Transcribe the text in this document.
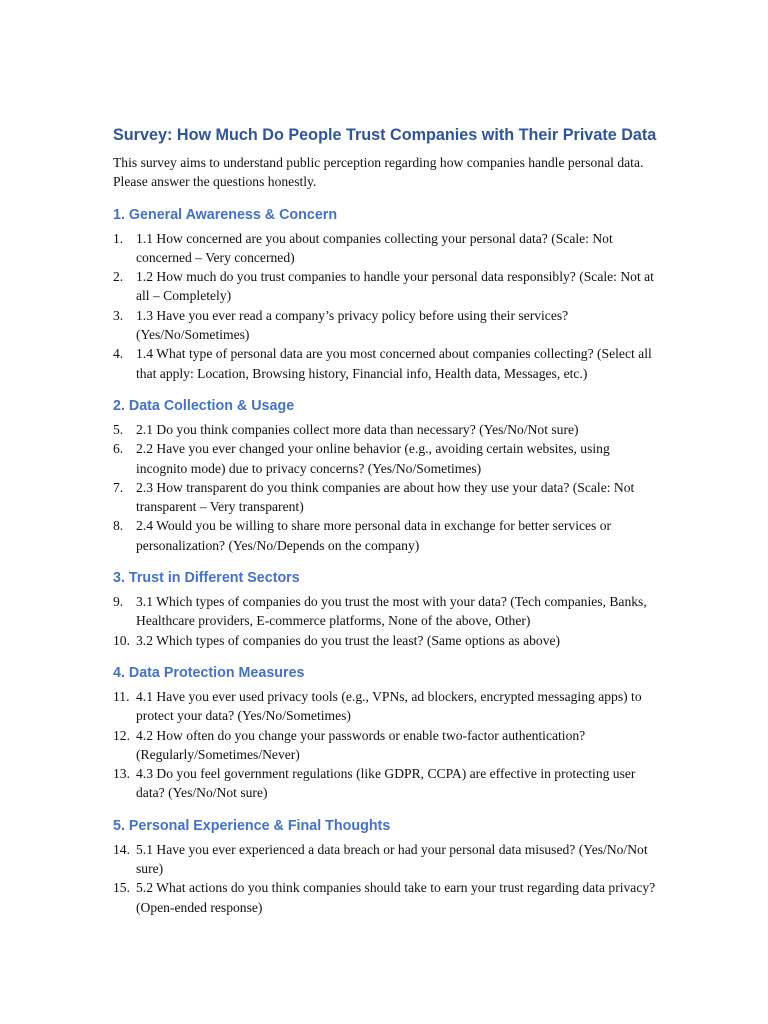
Survey: How Much Do People Trust Companies with Their Private Data

This survey aims to understand public perception regarding how companies handle personal data. Please answer the questions honestly.

1. General Awareness & Concern
1. 1.1 How concerned are you about companies collecting your personal data? (Scale: Not concerned – Very concerned)
2. 1.2 How much do you trust companies to handle your personal data responsibly? (Scale: Not at all – Completely)
3. 1.3 Have you ever read a company’s privacy policy before using their services? (Yes/No/Sometimes)
4. 1.4 What type of personal data are you most concerned about companies collecting? (Select all that apply: Location, Browsing history, Financial info, Health data, Messages, etc.)
2. Data Collection & Usage
5. 2.1 Do you think companies collect more data than necessary? (Yes/No/Not sure)
6. 2.2 Have you ever changed your online behavior (e.g., avoiding certain websites, using incognito mode) due to privacy concerns? (Yes/No/Sometimes)
7. 2.3 How transparent do you think companies are about how they use your data? (Scale: Not transparent – Very transparent)
8. 2.4 Would you be willing to share more personal data in exchange for better services or personalization? (Yes/No/Depends on the company)
3. Trust in Different Sectors
9. 3.1 Which types of companies do you trust the most with your data? (Tech companies, Banks, Healthcare providers, E-commerce platforms, None of the above, Other)
10. 3.2 Which types of companies do you trust the least? (Same options as above)
4. Data Protection Measures
11. 4.1 Have you ever used privacy tools (e.g., VPNs, ad blockers, encrypted messaging apps) to protect your data? (Yes/No/Sometimes)
12. 4.2 How often do you change your passwords or enable two-factor authentication? (Regularly/Sometimes/Never)
13. 4.3 Do you feel government regulations (like GDPR, CCPA) are effective in protecting user data? (Yes/No/Not sure)
5. Personal Experience & Final Thoughts
14. 5.1 Have you ever experienced a data breach or had your personal data misused? (Yes/No/Not sure)
15. 5.2 What actions do you think companies should take to earn your trust regarding data privacy? (Open-ended response)
